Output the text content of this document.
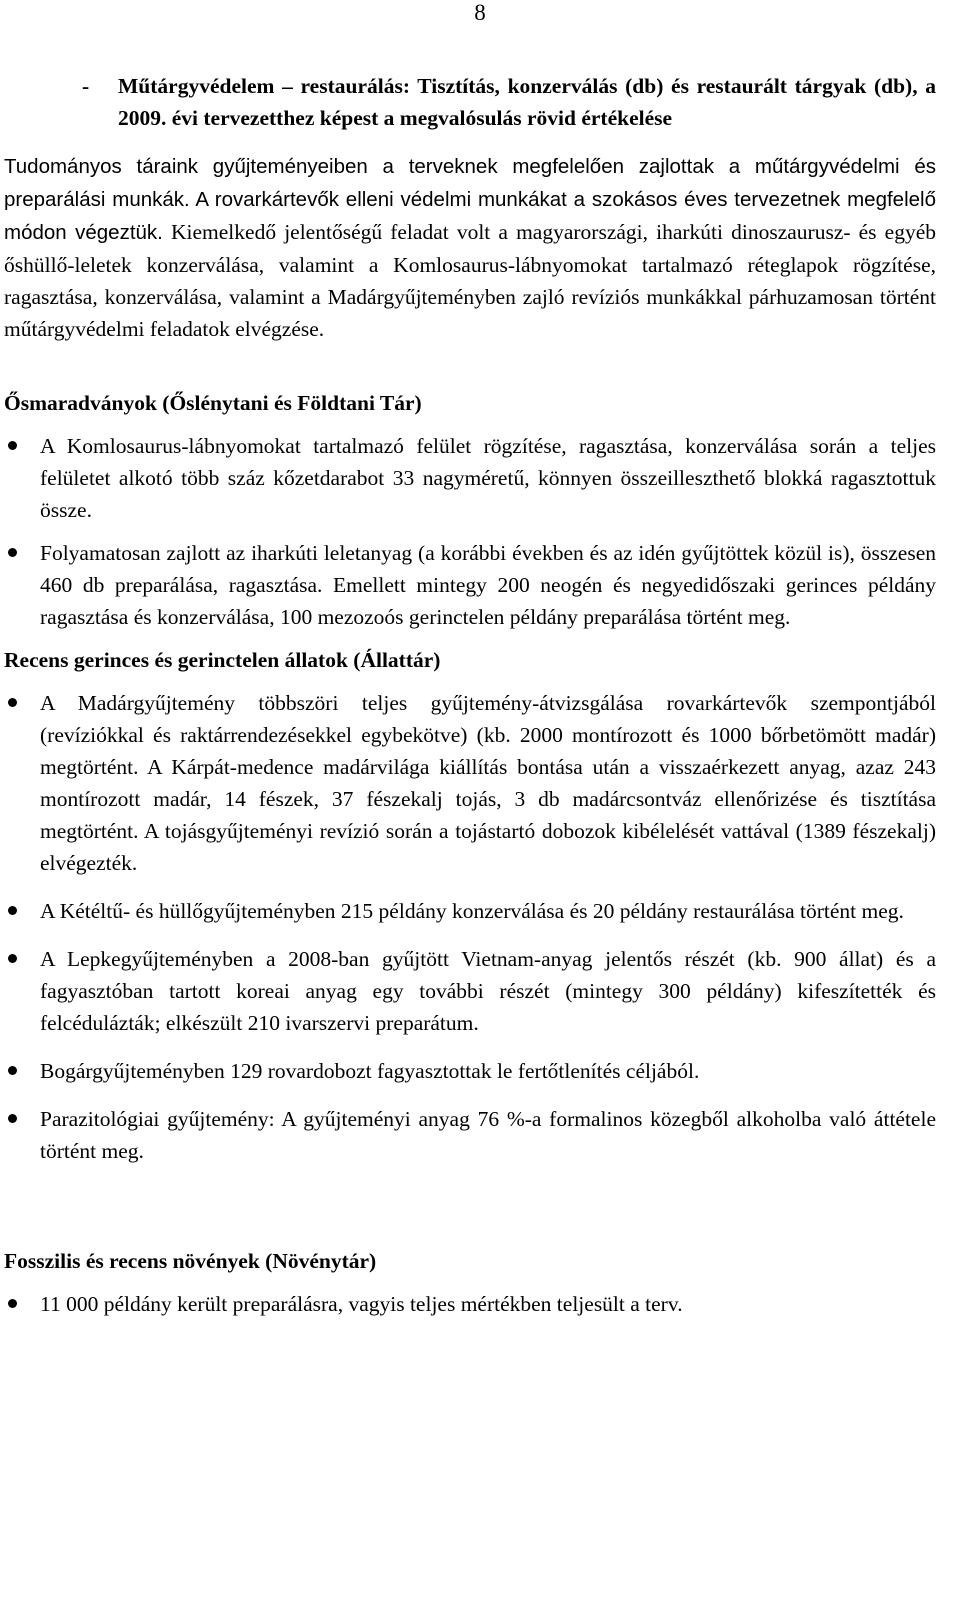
8
- Műtárgyvédelem – restaurálás: Tisztítás, konzerválás (db) és restaurált tárgyak (db), a 2009. évi tervezetthez képest a megvalósulás rövid értékelése
Tudományos táraink gyűjteményeiben a terveknek megfelelően zajlottak a műtárgyvédelmi és preparálási munkák. A rovarkártevők elleni védelmi munkákat a szokásos éves tervezetnek megfelelő módon végeztük. Kiemelkedő jelentőségű feladat volt a magyarországi, iharkúti dinoszaurusz- és egyéb őshüllő-leletek konzerválása, valamint a Komlosaurus-lábnyomokat tartalmazó réteglapok rögzítése, ragasztása, konzerválása, valamint a Madárgyűjteményben zajló revíziós munkákkal párhuzamosan történt műtárgyvédelmi feladatok elvégzése.

Ősmaradványok (Őslénytani és Földtani Tár)

A Komlosaurus-lábnyomokat tartalmazó felület rögzítése, ragasztása, konzerválása során a teljes felületet alkotó több száz kőzetdarabot 33 nagyméretű, könnyen összeilleszthető blokká ragasztottuk össze.
Folyamatosan zajlott az iharkúti leletanyag (a korábbi években és az idén gyűjtöttek közül is), összesen 460 db preparálása, ragasztása. Emellett mintegy 200 neogén és negyedidőszaki gerinces példány ragasztása és konzerválása, 100 mezozoós gerinctelen példány preparálása történt meg.

Recens gerinces és gerinctelen állatok (Állattár)

A Madárgyűjtemény többszöri teljes gyűjtemény-átvizsgálása rovarkártevők szempontjából (revíziókkal és raktárrendezésekkel egybekötve) (kb. 2000 montírozott és 1000 bőrbetömött madár) megtörtént. A Kárpát-medence madárvilága kiállítás bontása után a visszaérkezett anyag, azaz 243 montírozott madár, 14 fészek, 37 fészekalj tojás, 3 db madárcsontváz ellenőrizése és tisztítása megtörtént. A tojásgyűjteményi revízió során a tojástartó dobozok kibélelését vattával (1389 fészekalj) elvégezték.
A Kétéltű- és hüllőgyűjteményben 215 példány konzerválása és 20 példány restaurálása történt meg.
A Lepkegyűjteményben a 2008-ban gyűjtött Vietnam-anyag jelentős részét (kb. 900 állat) és a fagyasztóban tartott koreai anyag egy további részét (mintegy 300 példány) kifeszítették és felcédulázták; elkészült 210 ivarszervi preparátum.
Bogárgyűjteményben 129 rovardobozt fagyasztottak le fertőtlenítés céljából.
Parazitológiai gyűjtemény: A gyűjteményi anyag 76 %-a formalinos közegből alkoholba való áttétele történt meg.

Fosszilis és recens növények (Növénytár)

11 000 példány került preparálásra, vagyis teljes mértékben teljesült a terv.
